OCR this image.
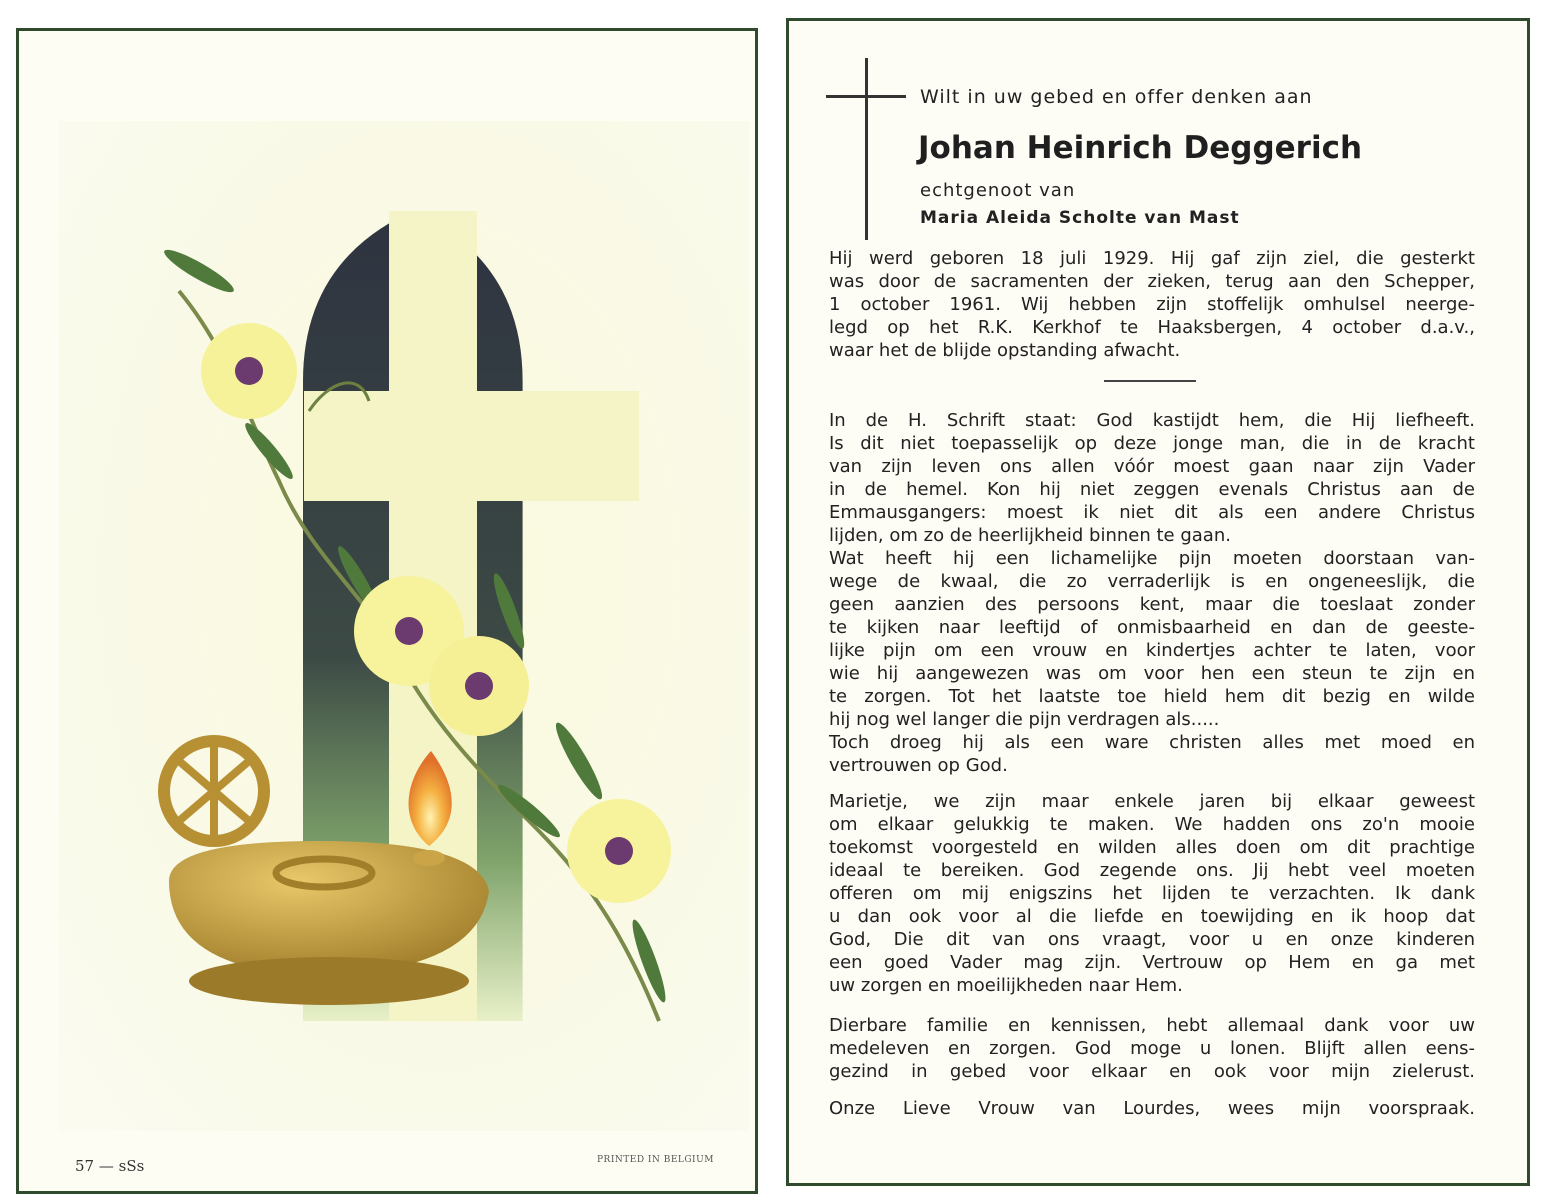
57 — sSs	PRINTED IN BELGIUM
Wilt in uw gebed en offer denken aan
Johan Heinrich Deggerich
echtgenoot van
Maria Aleida Scholte van Mast
Hij werd geboren 18 juli 1929. Hij gaf zijn ziel, die gesterkt
was door de sacramenten der zieken, terug aan den Schepper,
1 october 1961. Wij hebben zijn stoffelijk omhulsel neerge-
legd op het R.K. Kerkhof te Haaksbergen, 4 october d.a.v.,
waar het de blijde opstanding afwacht.
In de H. Schrift staat: God kastijdt hem, die Hij liefheeft.
Is dit niet toepasselijk op deze jonge man, die in de kracht
van zijn leven ons allen vóór moest gaan naar zijn Vader
in de hemel. Kon hij niet zeggen evenals Christus aan de
Emmausgangers: moest ik niet dit als een andere Christus
lijden, om zo de heerlijkheid binnen te gaan.
Wat heeft hij een lichamelijke pijn moeten doorstaan van-
wege de kwaal, die zo verraderlijk is en ongeneeslijk, die
geen aanzien des persoons kent, maar die toeslaat zonder
te kijken naar leeftijd of onmisbaarheid en dan de geeste-
lijke pijn om een vrouw en kindertjes achter te laten, voor
wie hij aangewezen was om voor hen een steun te zijn en
te zorgen. Tot het laatste toe hield hem dit bezig en wilde
hij nog wel langer die pijn verdragen als.....
Toch droeg hij als een ware christen alles met moed en
vertrouwen op God.
Marietje, we zijn maar enkele jaren bij elkaar geweest
om elkaar gelukkig te maken. We hadden ons zo'n mooie
toekomst voorgesteld en wilden alles doen om dit prachtige
ideaal te bereiken. God zegende ons. Jij hebt veel moeten
offeren om mij enigszins het lijden te verzachten. Ik dank
u dan ook voor al die liefde en toewijding en ik hoop dat
God, Die dit van ons vraagt, voor u en onze kinderen
een goed Vader mag zijn. Vertrouw op Hem en ga met
uw zorgen en moeilijkheden naar Hem.
Dierbare familie en kennissen, hebt allemaal dank voor uw
medeleven en zorgen. God moge u lonen. Blijft allen eens-
gezind in gebed voor elkaar en ook voor mijn zielerust.
Onze Lieve Vrouw van Lourdes, wees mijn voorspraak.
